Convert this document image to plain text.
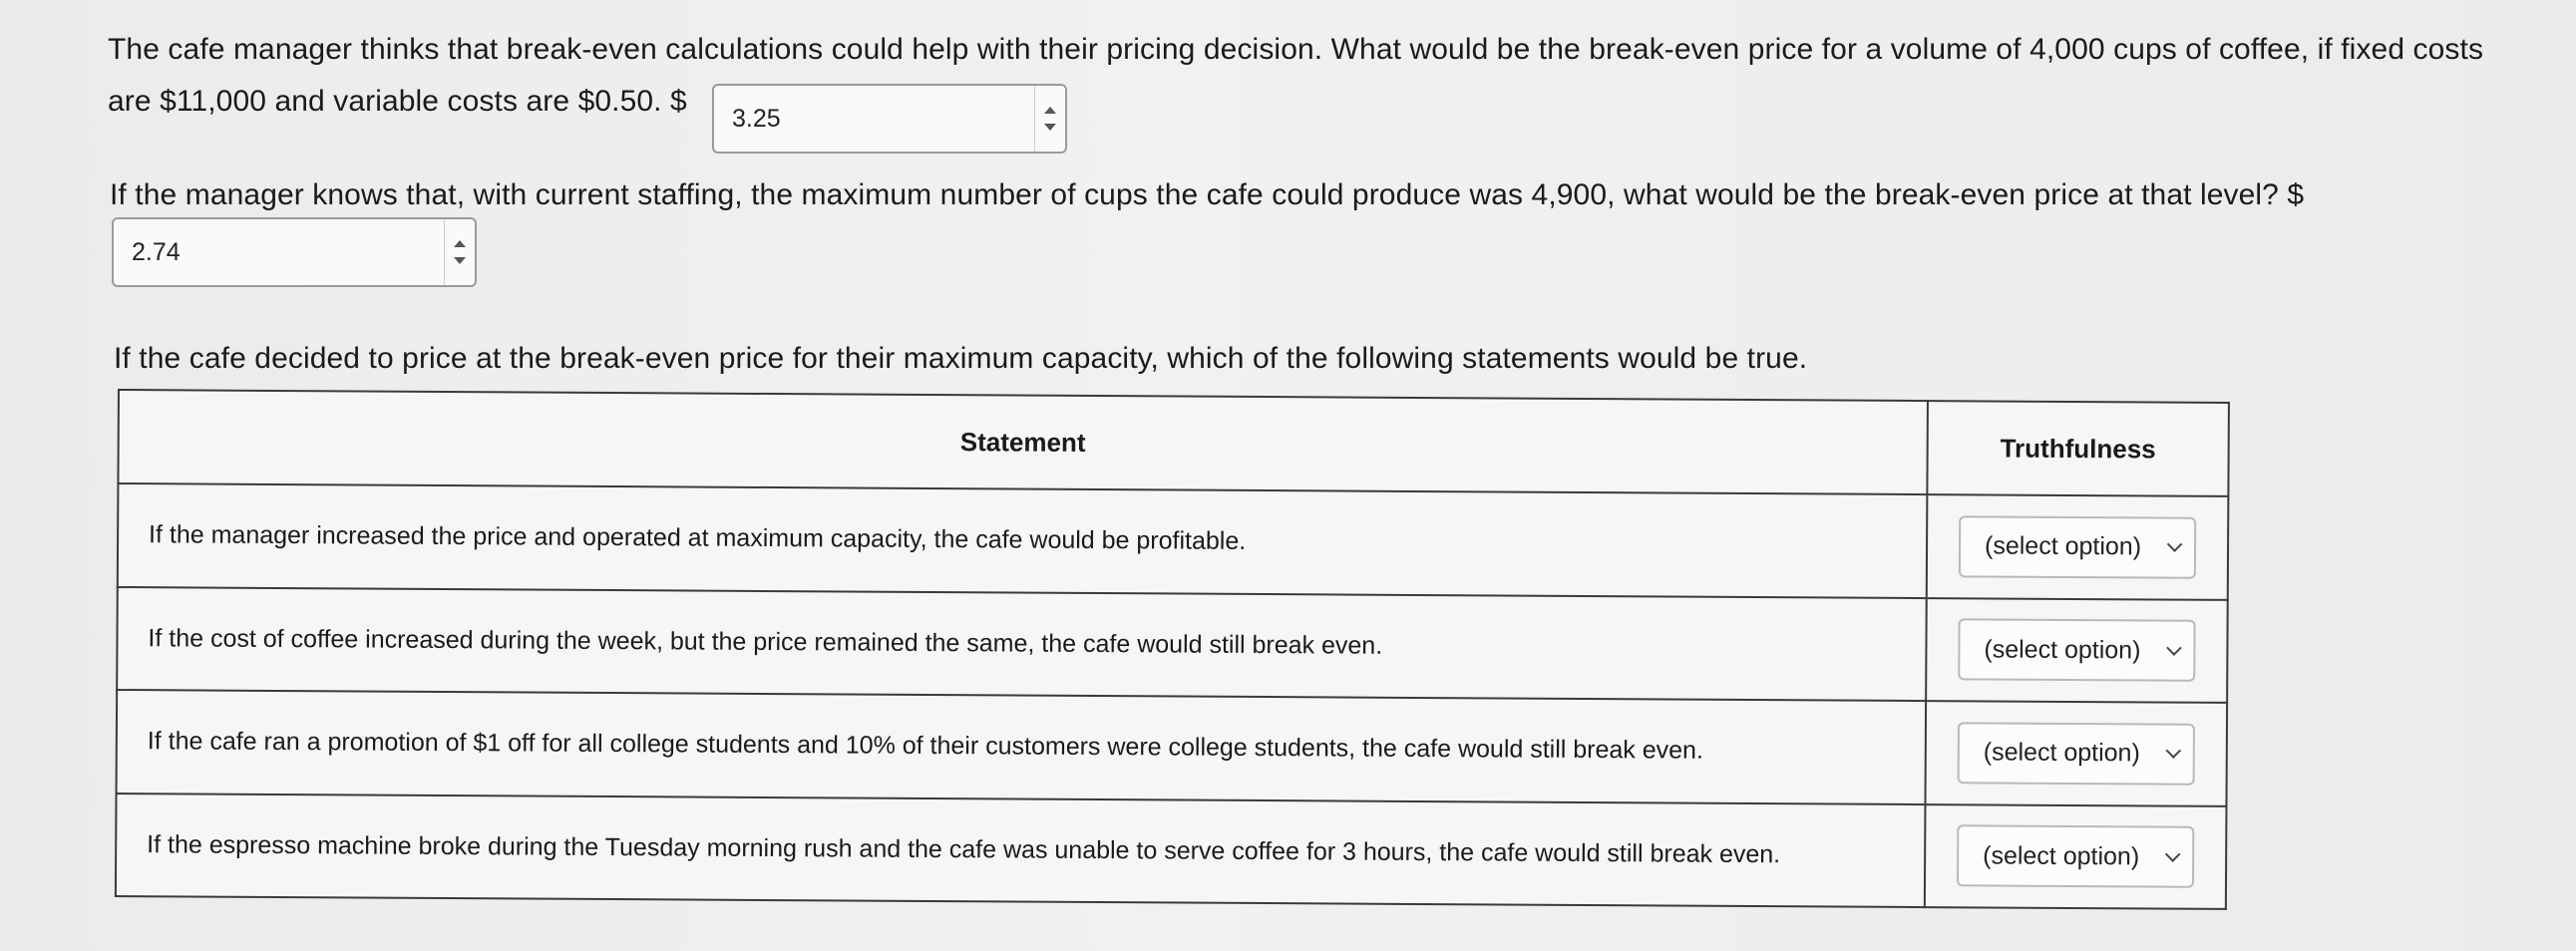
The cafe manager thinks that break-even calculations could help with their pricing decision. What would be the break-even price for a volume of 4,000 cups of coffee, if fixed costs
are $11,000 and variable costs are $0.50. $
3.25
If the manager knows that, with current staffing, the maximum number of cups the cafe could produce was 4,900, what would be the break-even price at that level? $
2.74
If the cafe decided to price at the break-even price for their maximum capacity, which of the following statements would be true.
Statement	Truthfulness
If the manager increased the price and operated at maximum capacity, the cafe would be profitable.	(select option)

If the cost of coffee increased during the week, but the price remained the same, the cafe would still break even.	(select option)

If the cafe ran a promotion of $1 off for all college students and 10% of their customers were college students, the cafe would still break even.	(select option)

If the espresso machine broke during the Tuesday morning rush and the cafe was unable to serve coffee for 3 hours, the cafe would still break even.	(select option)
